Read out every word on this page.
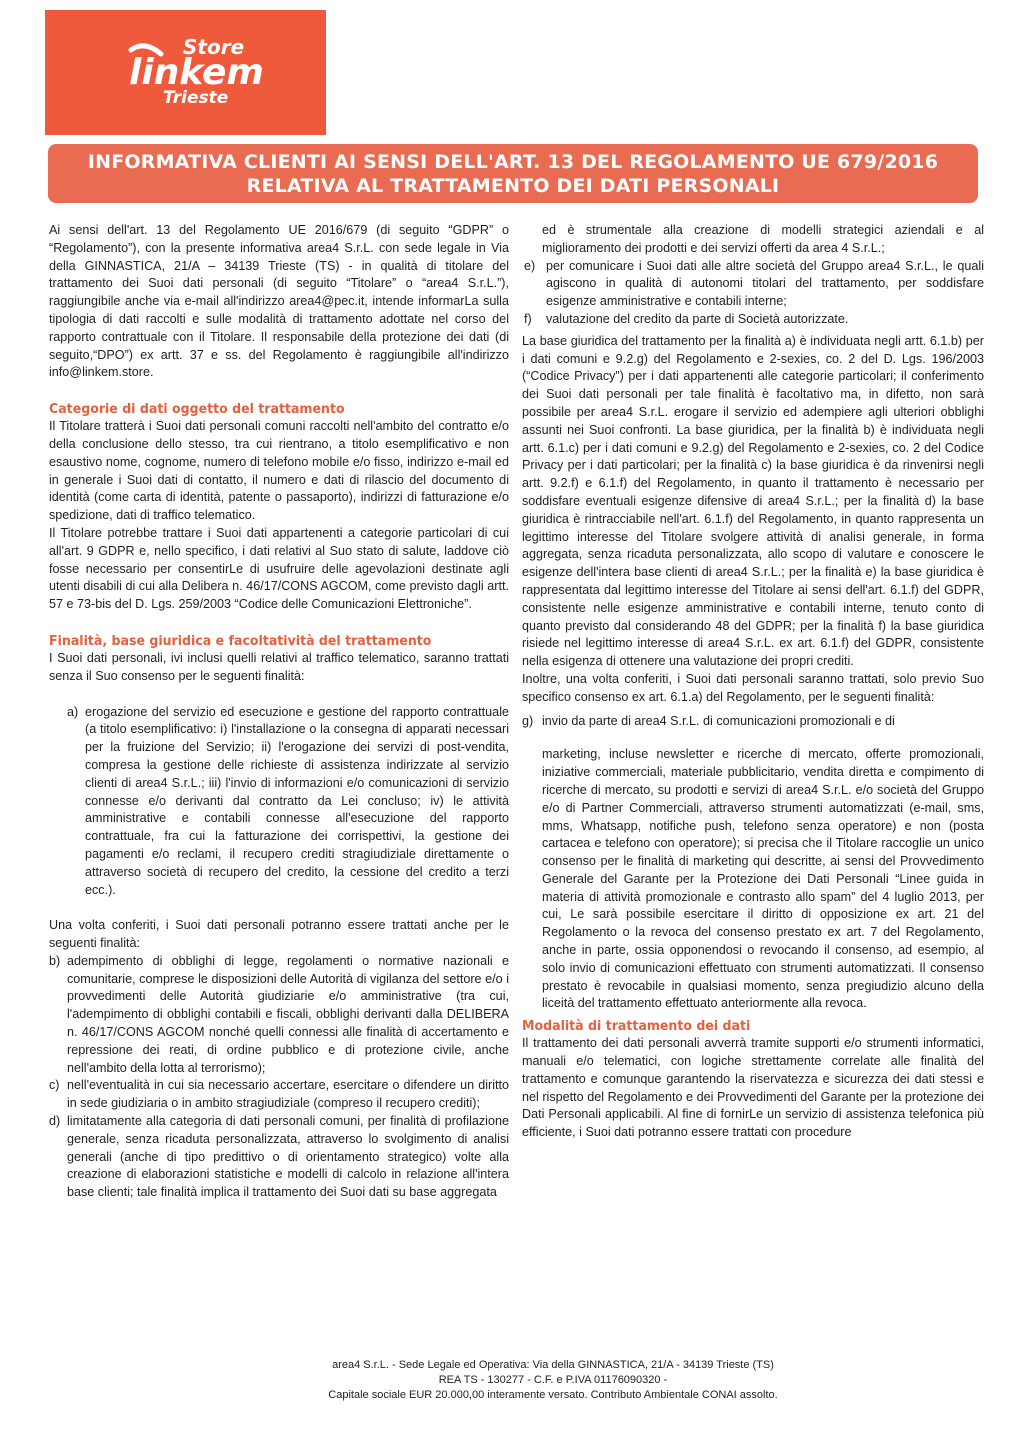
Store
linkem
Trieste
INFORMATIVA CLIENTI AI SENSI DELL'ART. 13 DEL REGOLAMENTO UE 679/2016
RELATIVA AL TRATTAMENTO DEI DATI PERSONALI

Ai sensi dell'art. 13 del Regolamento UE 2016/679 (di seguito “GDPR” o “Regolamento”), con la presente informativa area4 S.r.L. con sede legale in Via della GINNASTICA, 21/A – 34139 Trieste (TS) - in qualità di titolare del trattamento dei Suoi dati personali (di seguito “Titolare” o “area4 S.r.L.”), raggiungibile anche via e-mail all'indirizzo area4@pec.it, intende informarLa sulla tipologia di dati raccolti e sulle modalità di trattamento adottate nel corso del rapporto contrattuale con il Titolare. Il responsabile della protezione dei dati (di seguito,“DPO”) ex artt. 37 e ss. del Regolamento è raggiungibile all'indirizzo info@linkem.store.

Categorie di dati oggetto del trattamento

Il Titolare tratterà i Suoi dati personali comuni raccolti nell'ambito del contratto e/o della conclusione dello stesso, tra cui rientrano, a titolo esemplificativo e non esaustivo nome, cognome, numero di telefono mobile e/o fisso, indirizzo e-mail ed in generale i Suoi dati di contatto, il numero e dati di rilascio del documento di identità (come carta di identità, patente o passaporto), indirizzi di fatturazione e/o spedizione, dati di traffico telematico.

Il Titolare potrebbe trattare i Suoi dati appartenenti a categorie particolari di cui all'art. 9 GDPR e, nello specifico, i dati relativi al Suo stato di salute, laddove ciò fosse necessario per consentirLe di usufruire delle agevolazioni destinate agli utenti disabili di cui alla Delibera n. 46/17/CONS AGCOM, come previsto dagli artt. 57 e 73-bis del D. Lgs. 259/2003 “Codice delle Comunicazioni Elettroniche”.

Finalità, base giuridica e facoltatività del trattamento

I Suoi dati personali, ivi inclusi quelli relativi al traffico telematico, saranno trattati senza il Suo consenso per le seguenti finalità:

a) erogazione del servizio ed esecuzione e gestione del rapporto contrattuale (a titolo esemplificativo: i) l'installazione o la consegna di apparati necessari per la fruizione del Servizio; ii) l'erogazione dei servizi di post-vendita, compresa la gestione delle richieste di assistenza indirizzate al servizio clienti di area4 S.r.L.; iii) l'invio di informazioni e/o comunicazioni di servizio connesse e/o derivanti dal contratto da Lei concluso; iv) le attività amministrative e contabili connesse all'esecuzione del rapporto contrattuale, fra cui la fatturazione dei corrispettivi, la gestione dei pagamenti e/o reclami, il recupero crediti stragiudiziale direttamente o attraverso società di recupero del credito, la cessione del credito a terzi ecc.).

Una volta conferiti, i Suoi dati personali potranno essere trattati anche per le seguenti finalità:

b) adempimento di obblighi di legge, regolamenti o normative nazionali e comunitarie, comprese le disposizioni delle Autorità di vigilanza del settore e/o i provvedimenti delle Autorità giudiziarie e/o amministrative (tra cui, l'adempimento di obblighi contabili e fiscali, obblighi derivanti dalla DELIBERA n. 46/17/CONS AGCOM nonché quelli connessi alle finalità di accertamento e repressione dei reati, di ordine pubblico e di protezione civile, anche nell'ambito della lotta al terrorismo);
c) nell'eventualità in cui sia necessario accertare, esercitare o difendere un diritto in sede giudiziaria o in ambito stragiudiziale (compreso il recupero crediti);
d) limitatamente alla categoria di dati personali comuni, per finalità di profilazione generale, senza ricaduta personalizzata, attraverso lo svolgimento di analisi generali (anche di tipo predittivo o di orientamento strategico) volte alla creazione di elaborazioni statistiche e modelli di calcolo in relazione all'intera base clienti; tale finalità implica il trattamento dei Suoi dati su base aggregata

ed è strumentale alla creazione di modelli strategici aziendali e al miglioramento dei prodotti e dei servizi offerti da area 4 S.r.L.;

e) per comunicare i Suoi dati alle altre società del Gruppo area4 S.r.L., le quali agiscono in qualità di autonomi titolari del trattamento, per soddisfare esigenze amministrative e contabili interne;
f) valutazione del credito da parte di Società autorizzate.

La base giuridica del trattamento per la finalità a) è individuata negli artt. 6.1.b) per i dati comuni e 9.2.g) del Regolamento e 2-sexies, co. 2 del D. Lgs. 196/2003 (“Codice Privacy”) per i dati appartenenti alle categorie particolari; il conferimento dei Suoi dati personali per tale finalità è facoltativo ma, in difetto, non sarà possibile per area4 S.r.L. erogare il servizio ed adempiere agli ulteriori obblighi assunti nei Suoi confronti. La base giuridica, per la finalità b) è individuata negli artt. 6.1.c) per i dati comuni e 9.2.g) del Regolamento e 2-sexies, co. 2 del Codice Privacy per i dati particolari; per la finalità c) la base giuridica è da rinvenirsi negli artt. 9.2.f) e 6.1.f) del Regolamento, in quanto il trattamento è necessario per soddisfare eventuali esigenze difensive di area4 S.r.L.; per la finalità d) la base giuridica è rintracciabile nell'art. 6.1.f) del Regolamento, in quanto rappresenta un legittimo interesse del Titolare svolgere attività di analisi generale, in forma aggregata, senza ricaduta personalizzata, allo scopo di valutare e conoscere le esigenze dell'intera base clienti di area4 S.r.L.; per la finalità e) la base giuridica è rappresentata dal legittimo interesse del Titolare ai sensi dell'art. 6.1.f) del GDPR, consistente nelle esigenze amministrative e contabili interne, tenuto conto di quanto previsto dal considerando 48 del GDPR; per la finalità f) la base giuridica risiede nel legittimo interesse di area4 S.r.L. ex art. 6.1.f) del GDPR, consistente nella esigenza di ottenere una valutazione dei propri crediti.

Inoltre, una volta conferiti, i Suoi dati personali saranno trattati, solo previo Suo specifico consenso ex art. 6.1.a) del Regolamento, per le seguenti finalità:

g) invio da parte di area4 S.r.L. di comunicazioni promozionali e di

marketing, incluse newsletter e ricerche di mercato, offerte promozionali, iniziative commerciali, materiale pubblicitario, vendita diretta e compimento di ricerche di mercato, su prodotti e servizi di area4 S.r.L. e/o società del Gruppo e/o di Partner Commerciali, attraverso strumenti automatizzati (e-mail, sms, mms, Whatsapp, notifiche push, telefono senza operatore) e non (posta cartacea e telefono con operatore); si precisa che il Titolare raccoglie un unico consenso per le finalità di marketing qui descritte, ai sensi del Provvedimento Generale del Garante per la Protezione dei Dati Personali “Linee guida in materia di attività promozionale e contrasto allo spam” del 4 luglio 2013, per cui, Le sarà possibile esercitare il diritto di opposizione ex art. 21 del Regolamento o la revoca del consenso prestato ex art. 7 del Regolamento, anche in parte, ossia opponendosi o revocando il consenso, ad esempio, al solo invio di comunicazioni effettuato con strumenti automatizzati. Il consenso prestato è revocabile in qualsiasi momento, senza pregiudizio alcuno della liceità del trattamento effettuato anteriormente alla revoca.

Modalità di trattamento dei dati

Il trattamento dei dati personali avverrà tramite supporti e/o strumenti informatici, manuali e/o telematici, con logiche strettamente correlate alle finalità del trattamento e comunque garantendo la riservatezza e sicurezza dei dati stessi e nel rispetto del Regolamento e dei Provvedimenti del Garante per la protezione dei Dati Personali applicabili. Al fine di fornirLe un servizio di assistenza telefonica più efficiente, i Suoi dati potranno essere trattati con procedure

area4 S.r.L. - Sede Legale ed Operativa: Via della GINNASTICA, 21/A - 34139 Trieste (TS)
REA TS - 130277 - C.F. e P.IVA 01176090320 -
Capitale sociale EUR 20.000,00 interamente versato. Contributo Ambientale CONAI assolto.
